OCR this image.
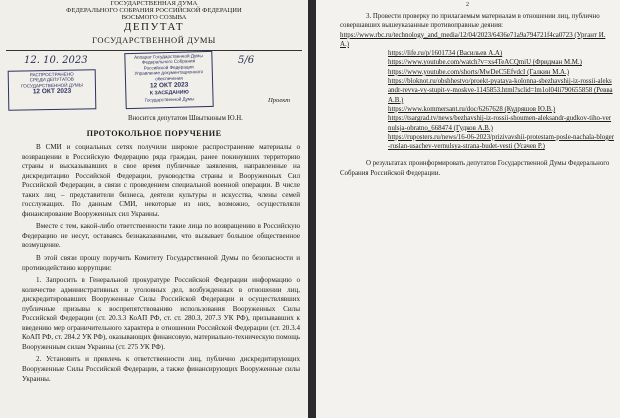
ГОСУДАРСТВЕННАЯ ДУМА
ФЕДЕРАЛЬНОГО СОБРАНИЯ РОССИЙСКОЙ ФЕДЕРАЦИИ
ВОСЬМОГО СОЗЫВА
ДЕПУТАТ
ГОСУДАРСТВЕННОЙ ДУМЫ
12. 10. 2023	5/6
РАСПРОСТРАНЕНО
СРЕДИ ДЕПУТАТОВ
ГОСУДАРСТВЕННОЙ ДУМЫ
12 ОКТ 2023
Аппарат Государственной Думы
Федерального Собрания
Российской Федерации
Управление документационного обеспечения
12 ОКТ 2023
К ЗАСЕДАНИЮ
Государственной Думы	Проект
Вносится депутатом Швыткиным Ю.Н.
ПРОТОКОЛЬНОЕ ПОРУЧЕНИЕ

В СМИ и социальных сетях получили широкое распространение материалы о возвращении в Российскую Федерацию ряда граждан, ранее покинувших территорию страны и высказывавших в свое время публичные заявления, направленные на дискредитацию Российской Федерации, руководства страны и Вооруженных Сил Российской Федерации, в связи с проведением специальной военной операции. В числе таких лиц – представители бизнеса, деятели культуры и искусства, члены семей госслужащих. По данным СМИ, некоторые из них, возможно, осуществляли финансирование Вооруженных сил Украины.

Вместе с тем, какой-либо ответственности такие лица по возвращению в Российскую Федерацию не несут, оставаясь безнаказанными, что вызывает большое общественное возмущение.

В этой связи прошу поручить Комитету Государственной Думы по безопасности и противодействию коррупции:

1. Запросить в Генеральной прокуратуре Российской Федерации информацию о количестве административных и уголовных дел, возбужденных в отношении лиц, дискредитировавших Вооруженные Силы Российской Федерации и осуществлявших публичные призывы к воспрепятствованию использования Вооруженных Силы Российской Федерации (ст. 20.3.3 КоАП РФ, ст. ст. 280.3, 207.3 УК РФ), призывавших к введению мер ограничительного характера в отношении Российской Федерации (ст. 20.3.4 КоАП РФ, ст. 284.2 УК РФ), оказывающих финансовую, материально-техническую помощь Вооруженным силам Украины (ст. 275 УК РФ).

2. Установить и привлечь к ответственности лиц, публично дискредитирующих Вооруженные Силы Российской Федерации, а также финансирующих Вооруженные силы Украины.

2
3. Провести проверку по прилагаемым материалам в отношении лиц, публично совершавших вышеуказанные противоправные деяния:
https://www.rbc.ru/technology_and_media/12/04/2023/6436e71a9a794721f4ca0723 (Ургант И.А.)
https://life.ru/p/1601734 (Васильев А.А)
https://www.youtube.com/watch?v=xs4TeACQmiU (Фридман М.М.)
https://www.youtube.com/shorts/MwDeC5EfvdcI (Галкин М.А.)
https://bloknot.ru/obshhestvo/proekt-pyataya-kolonna-sbezhavshij-iz-rossii-aleksandr-revva-vy-stupit-v-moskve-1145853.html?sclid=lm1ol04li790655858 (Ревва А.В.)
https://www.kommersant.ru/doc/6267628 (Кудряшов Ю.В.)
https://tsargrad.tv/news/bezhavshij-iz-rossii-shoumen-aleksandr-gudkov-tiho-vernulsja-obratno_668474 (Гудков А.В.)
https://ruposters.ru/news/16-06-2023/prizivavshii-protestam-posle-nachala-bloger-ruslan-usachev-vernulsya-strana-budet-vesti (Усачев Р.)

О результатах проинформировать депутатов Государственной Думы Федерального Собрания Российской Федерации.
